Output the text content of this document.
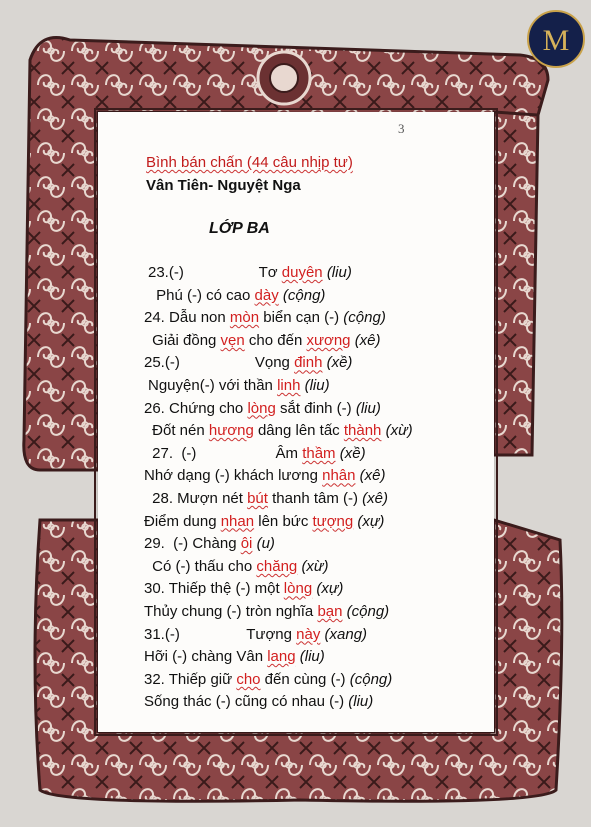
M
3
Bình bán chấn (44 câu nhịp tư)
Vân Tiên- Nguyệt Nga
LỚP BA
23.(-)	Tơ duyên (liu)
Phú (-) có cao dày (cộng)
24. Dẫu non mòn biển cạn (-) (cộng)
Giải đồng vẹn cho đến xương (xê)
25.(-)	Vọng đinh (xề)
Nguyện(-) với thần linh (liu)
26. Chứng cho lòng sắt đinh (-) (liu)
Đốt nén hương dâng lên tấc thành (xừ)
27.  (-)	Âm thầm (xề)
Nhớ dạng (-) khách lương nhân (xê)
28. Mượn nét bút thanh tâm (-) (xê)
Điểm dung nhan lên bức tượng (xự)
29.  (-) Chàng ôi (u)
Có (-) thấu cho chăng (xừ)
30. Thiếp thệ (-) một lòng (xự)
Thủy chung (-) tròn nghĩa bạn (cộng)
31.(-)	Tượng này (xang)
Hỡi (-) chàng Vân lang (liu)
32. Thiếp giữ cho đến cùng (-) (cộng)
Sống thác (-) cũng có nhau (-) (liu)
